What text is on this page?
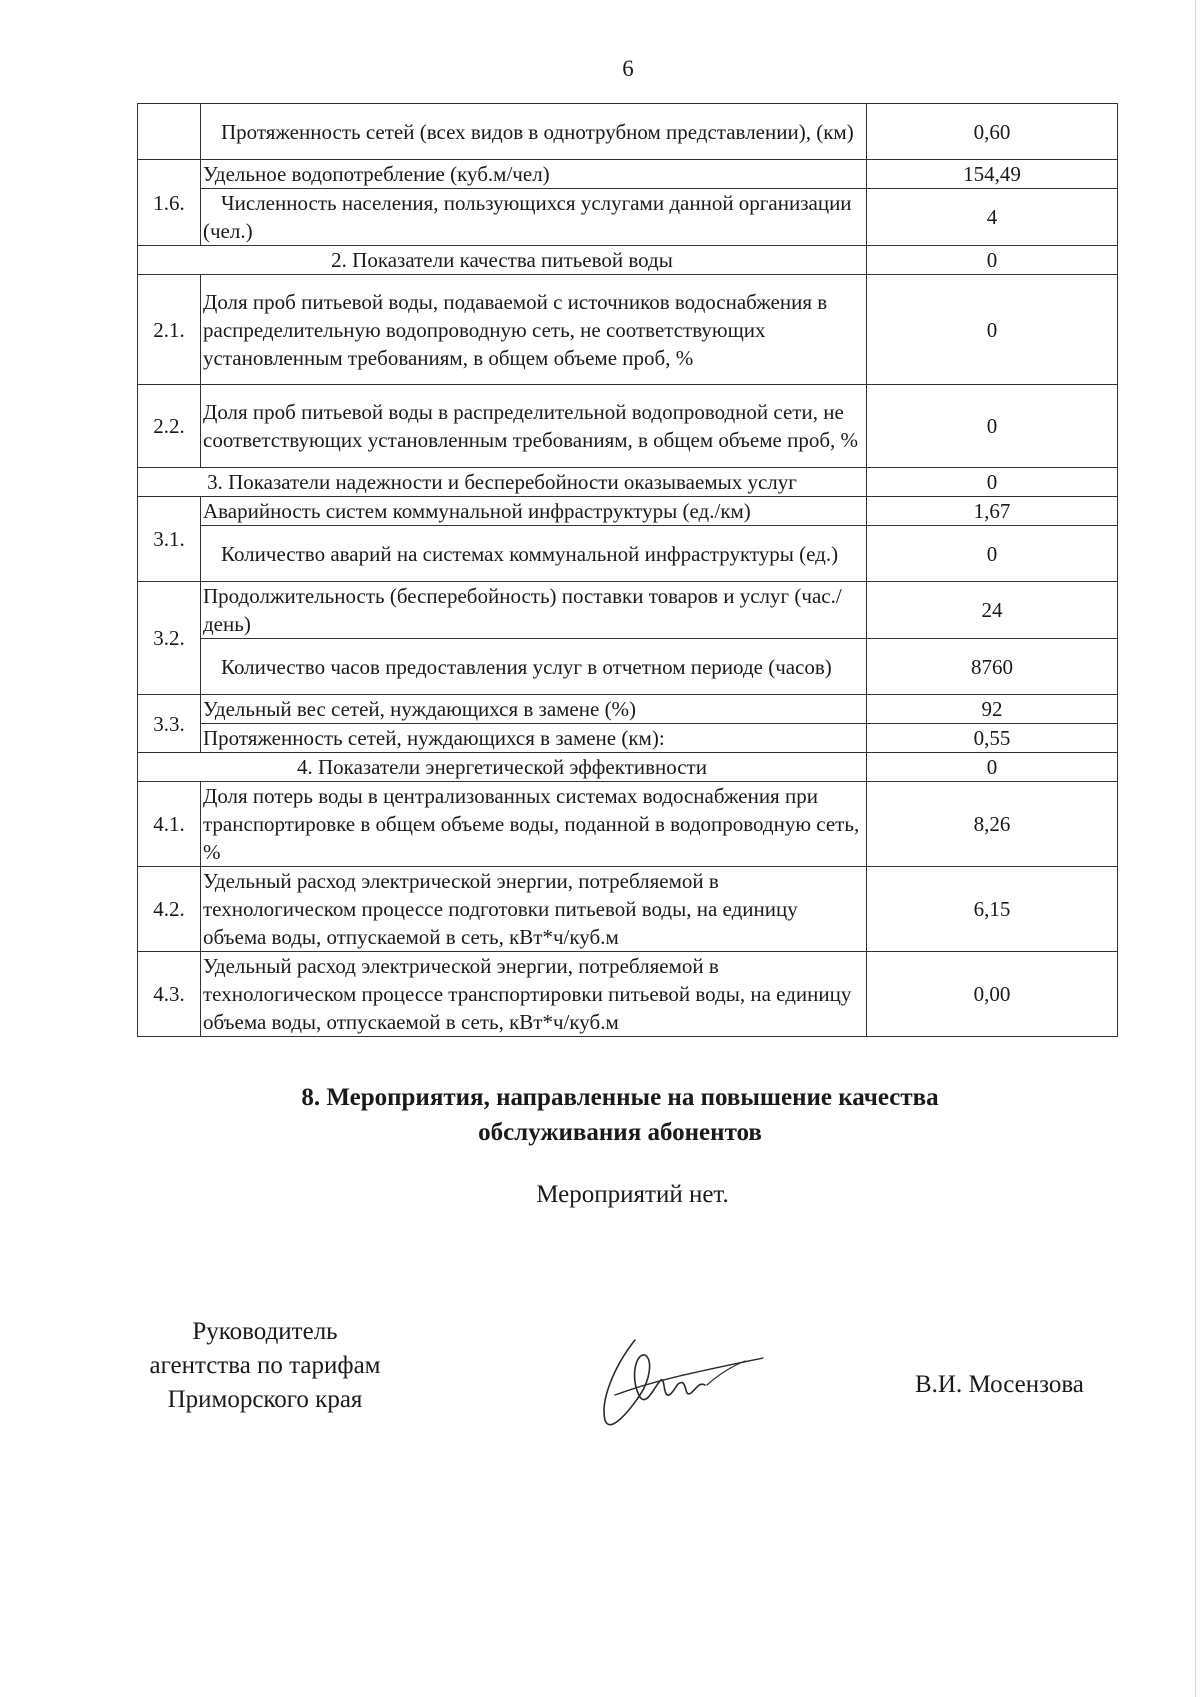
6
	Протяженность сетей (всех видов в однотрубном представлении), (км)	0,60
1.6.	Удельное водопотребление (куб.м/чел)	154,49
	Численность населения, пользующихся услугами данной организации (чел.)	4
2. Показатели качества питьевой воды		0
2.1.	Доля проб питьевой воды, подаваемой с источников водоснабжения в распределительную водопроводную сеть, не соответствующих установленным требованиям, в общем объеме проб, %	0
2.2.	Доля проб питьевой воды в распределительной водопроводной сети, не соответствующих установленным требованиям, в общем объеме проб, %	0
3. Показатели надежности и бесперебойности оказываемых услуг		0
3.1.	Аварийность систем коммунальной инфраструктуры (ед./км)	1,67
	Количество аварий на системах коммунальной инфраструктуры (ед.)	0
3.2.	Продолжительность (бесперебойность) поставки товаров и услуг (час./день)	24
	Количество часов предоставления услуг в отчетном периоде (часов)	8760
3.3.	Удельный вес сетей, нуждающихся в замене (%)	92
	Протяженность сетей, нуждающихся в замене (км):	0,55
4. Показатели энергетической эффективности		0
4.1.	Доля потерь воды в централизованных системах водоснабжения при транспортировке в общем объеме воды, поданной в водопроводную сеть, %	8,26
4.2.	Удельный расход электрической энергии, потребляемой в технологическом процессе подготовки питьевой воды, на единицу объема воды, отпускаемой в сеть, кВт*ч/куб.м	6,15
4.3.	Удельный расход электрической энергии, потребляемой в технологическом процессе транспортировки питьевой воды, на единицу объема воды, отпускаемой в сеть, кВт*ч/куб.м	0,00
8. Мероприятия, направленные на повышение качества
обслуживания абонентов
Мероприятий нет.
Руководитель
агентства по тарифам
Приморского края
В.И. Мосензова
